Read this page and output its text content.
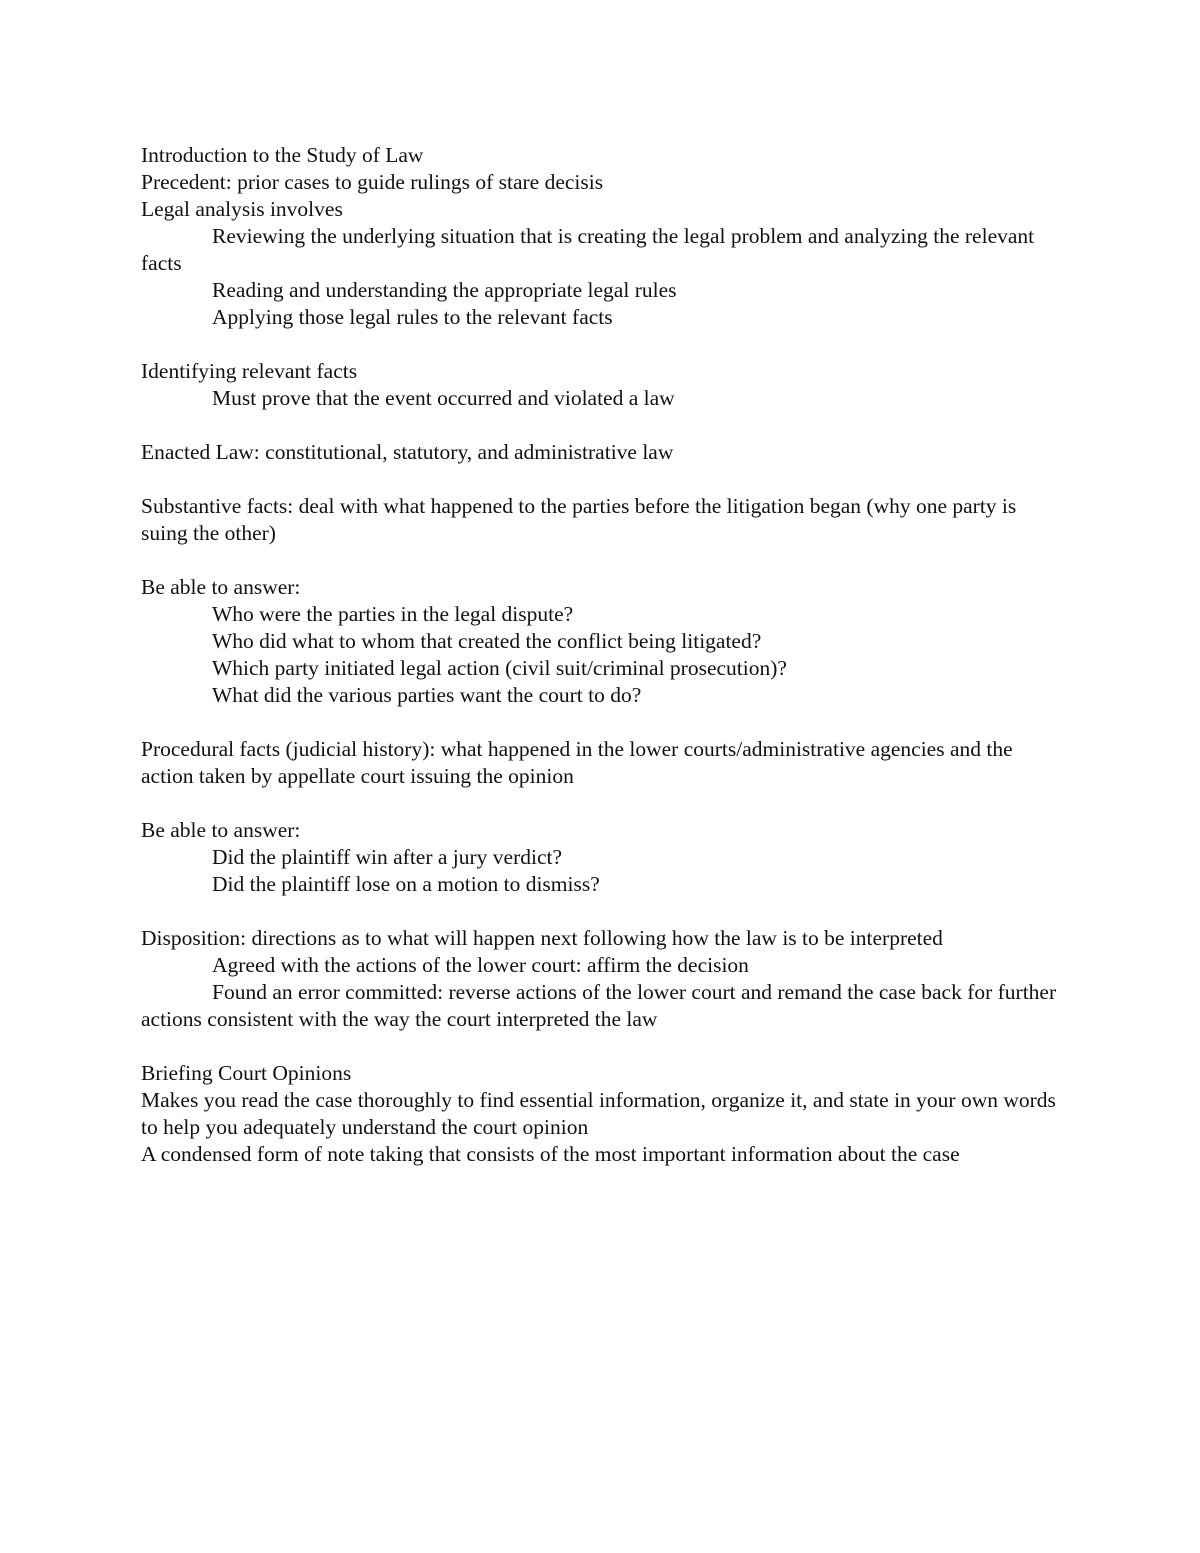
Introduction to the Study of Law

Precedent: prior cases to guide rulings of stare decisis

Legal analysis involves

Reviewing the underlying situation that is creating the legal problem and analyzing the relevant facts

Reading and understanding the appropriate legal rules

Applying those legal rules to the relevant facts

Identifying relevant facts

Must prove that the event occurred and violated a law

Enacted Law: constitutional, statutory, and administrative law

Substantive facts: deal with what happened to the parties before the litigation began (why one party is suing the other)

Be able to answer:

Who were the parties in the legal dispute?

Who did what to whom that created the conflict being litigated?

Which party initiated legal action (civil suit/criminal prosecution)?

What did the various parties want the court to do?

Procedural facts (judicial history): what happened in the lower courts/administrative agencies and the action taken by appellate court issuing the opinion

Be able to answer:

Did the plaintiff win after a jury verdict?

Did the plaintiff lose on a motion to dismiss?

Disposition: directions as to what will happen next following how the law is to be interpreted

Agreed with the actions of the lower court: affirm the decision

Found an error committed: reverse actions of the lower court and remand the case back for further actions consistent with the way the court interpreted the law

Briefing Court Opinions

Makes you read the case thoroughly to find essential information, organize it, and state in your own words to help you adequately understand the court opinion

A condensed form of note taking that consists of the most important information about the case
